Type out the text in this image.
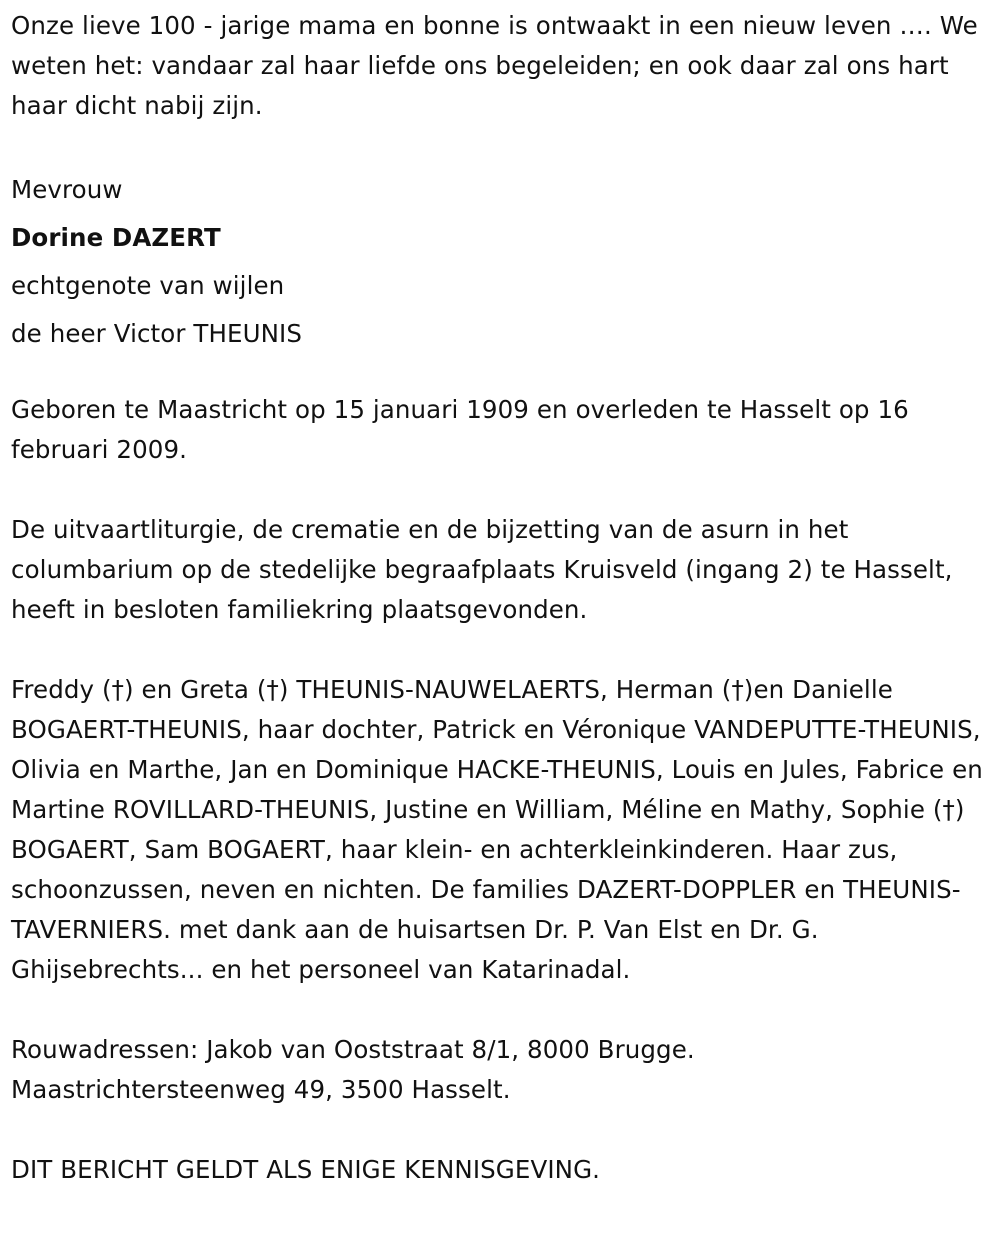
Onze lieve 100 - jarige mama en bonne is ontwaakt in een nieuw leven …. We weten het: vandaar zal haar liefde ons begeleiden; en ook daar zal ons hart haar dicht nabij zijn.

Mevrouw

Dorine DAZERT

echtgenote van wijlen

de heer Victor THEUNIS

Geboren te Maastricht op 15 januari 1909 en overleden te Hasselt op 16 februari 2009.

De uitvaartliturgie, de crematie en de bijzetting van de asurn in het columbarium op de stedelijke begraafplaats Kruisveld (ingang 2) te Hasselt, heeft in besloten familiekring plaatsgevonden.

Freddy (†) en Greta (†) THEUNIS-NAUWELAERTS, Herman (†)en Danielle BOGAERT-THEUNIS, haar dochter, Patrick en Véronique VANDEPUTTE-THEUNIS, Olivia en Marthe, Jan en Dominique HACKE-THEUNIS, Louis en Jules, Fabrice en Martine ROVILLARD-THEUNIS, Justine en William, Méline en Mathy, Sophie (†) BOGAERT, Sam BOGAERT, haar klein- en achterkleinkinderen. Haar zus, schoonzussen, neven en nichten. De families DAZERT-DOPPLER en THEUNIS-TAVERNIERS. met dank aan de huisartsen Dr. P. Van Elst en Dr. G. Ghijsebrechts... en het personeel van Katarinadal.

Rouwadressen: Jakob van Ooststraat 8/1, 8000 Brugge.

Maastrichtersteenweg 49, 3500 Hasselt.

DIT BERICHT GELDT ALS ENIGE KENNISGEVING.
